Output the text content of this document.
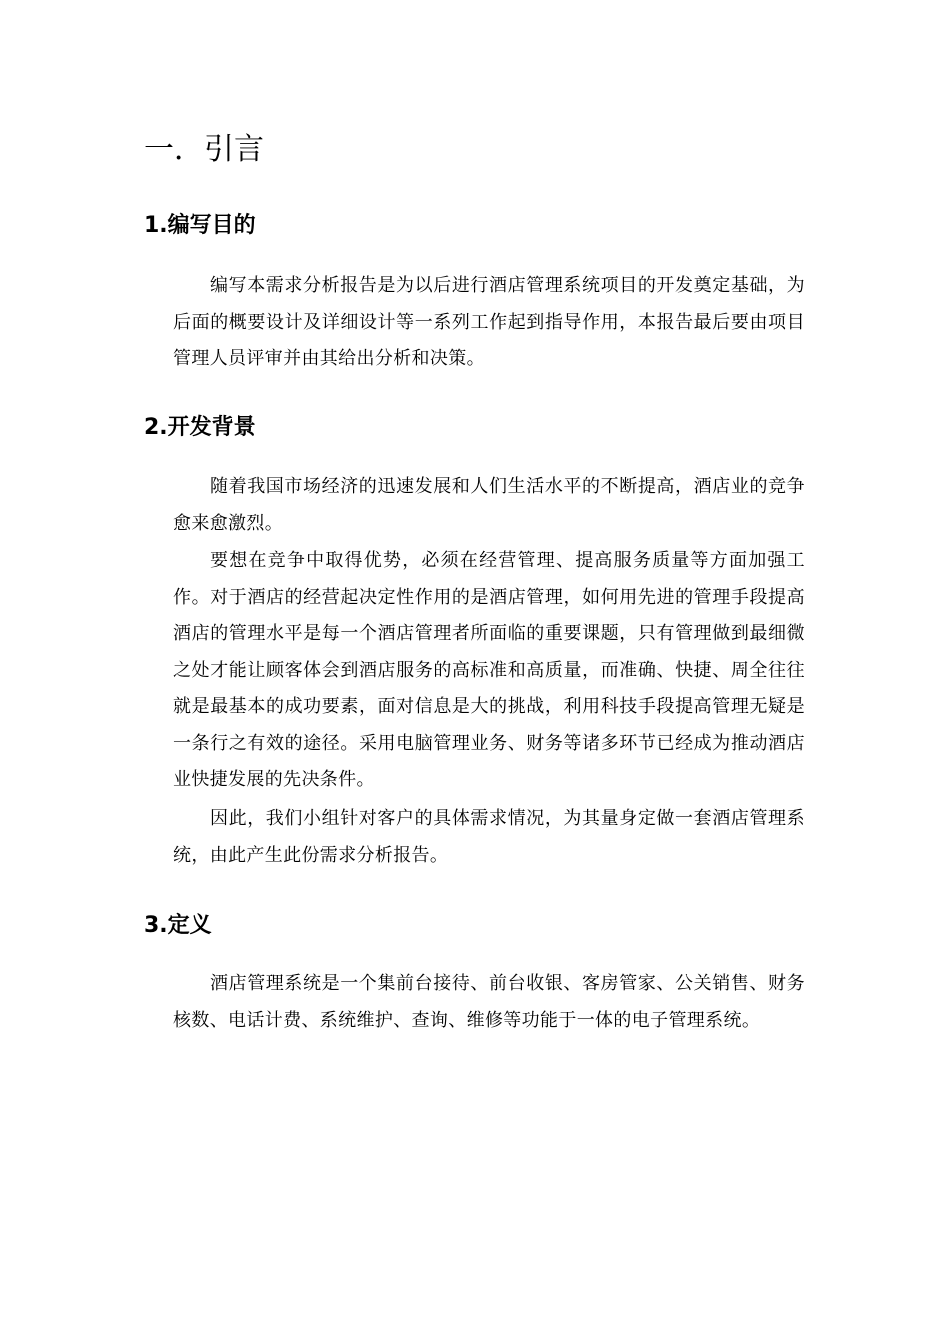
一．引言
1.编写目的

编写本需求分析报告是为以后进行酒店管理系统项目的开发奠定基础，为后面的概要设计及详细设计等一系列工作起到指导作用，本报告最后要由项目管理人员评审并由其给出分析和决策。

2.开发背景

随着我国市场经济的迅速发展和人们生活水平的不断提高，酒店业的竞争愈来愈激烈。

要想在竞争中取得优势，必须在经营管理、提高服务质量等方面加强工作。对于酒店的经营起决定性作用的是酒店管理，如何用先进的管理手段提高酒店的管理水平是每一个酒店管理者所面临的重要课题，只有管理做到最细微之处才能让顾客体会到酒店服务的高标准和高质量，而准确、快捷、周全往往就是最基本的成功要素，面对信息是大的挑战，利用科技手段提高管理无疑是一条行之有效的途径。采用电脑管理业务、财务等诸多环节已经成为推动酒店业快捷发展的先决条件。

因此，我们小组针对客户的具体需求情况，为其量身定做一套酒店管理系统，由此产生此份需求分析报告。

3.定义

酒店管理系统是一个集前台接待、前台收银、客房管家、公关销售、财务核数、电话计费、系统维护、查询、维修等功能于一体的电子管理系统。
